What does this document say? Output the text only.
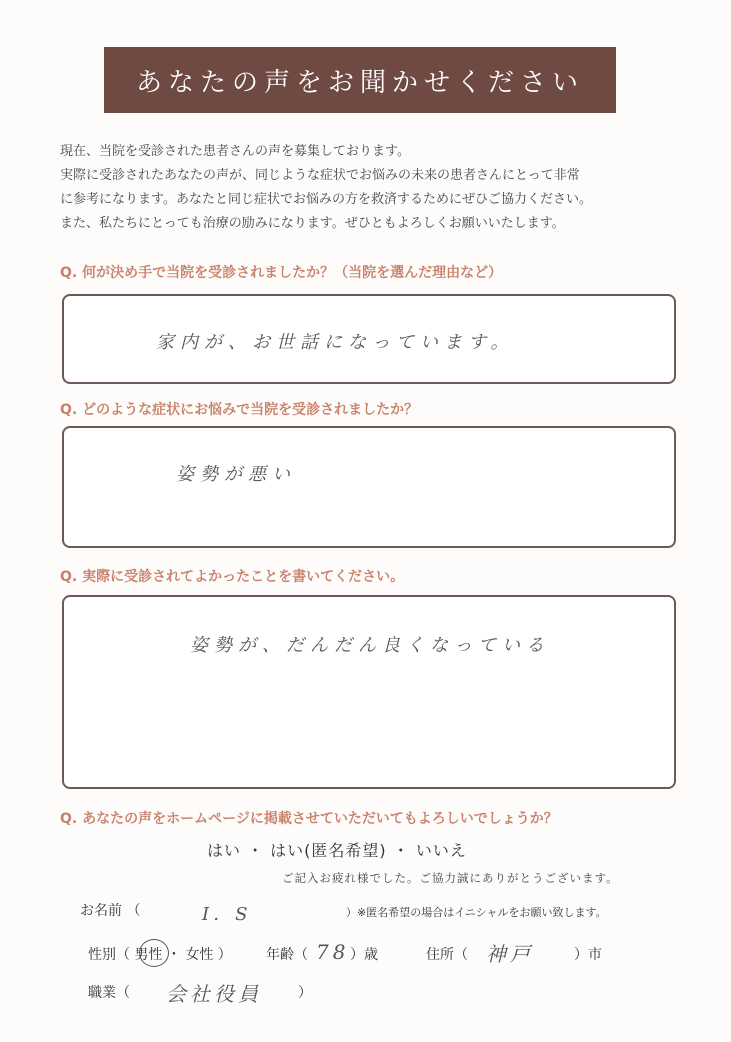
あなたの声をお聞かせください

現在、当院を受診された患者さんの声を募集しております。

実際に受診されたあなたの声が、同じような症状でお悩みの未来の患者さんにとって非常

に参考になります。あなたと同じ症状でお悩みの方を救済するためにぜひご協力ください。

また、私たちにとっても治療の励みになります。ぜひともよろしくお願いいたします。

Q. 何が決め手で当院を受診されましたか？（当院を選んだ理由など）
家内が、お世話になっています。
Q. どのような症状にお悩みで当院を受診されましたか？
姿勢が悪い
Q. 実際に受診されてよかったことを書いてください。
姿勢が、だんだん良くなっている
Q. あなたの声をホームページに掲載させていただいてもよろしいでしょうか？
はい ・ はい(匿名希望) ・ いいえ
ご記入お疲れ様でした。ご協力誠にありがとうございます。
お名前 （	I．S	）※匿名希望の場合はイニシャルをお願い致します。
性別（ 男性 ・ 女性 ） 年齢（ 78 ）歳	住所（ 神戸	）市
職業（ 会社役員	）
